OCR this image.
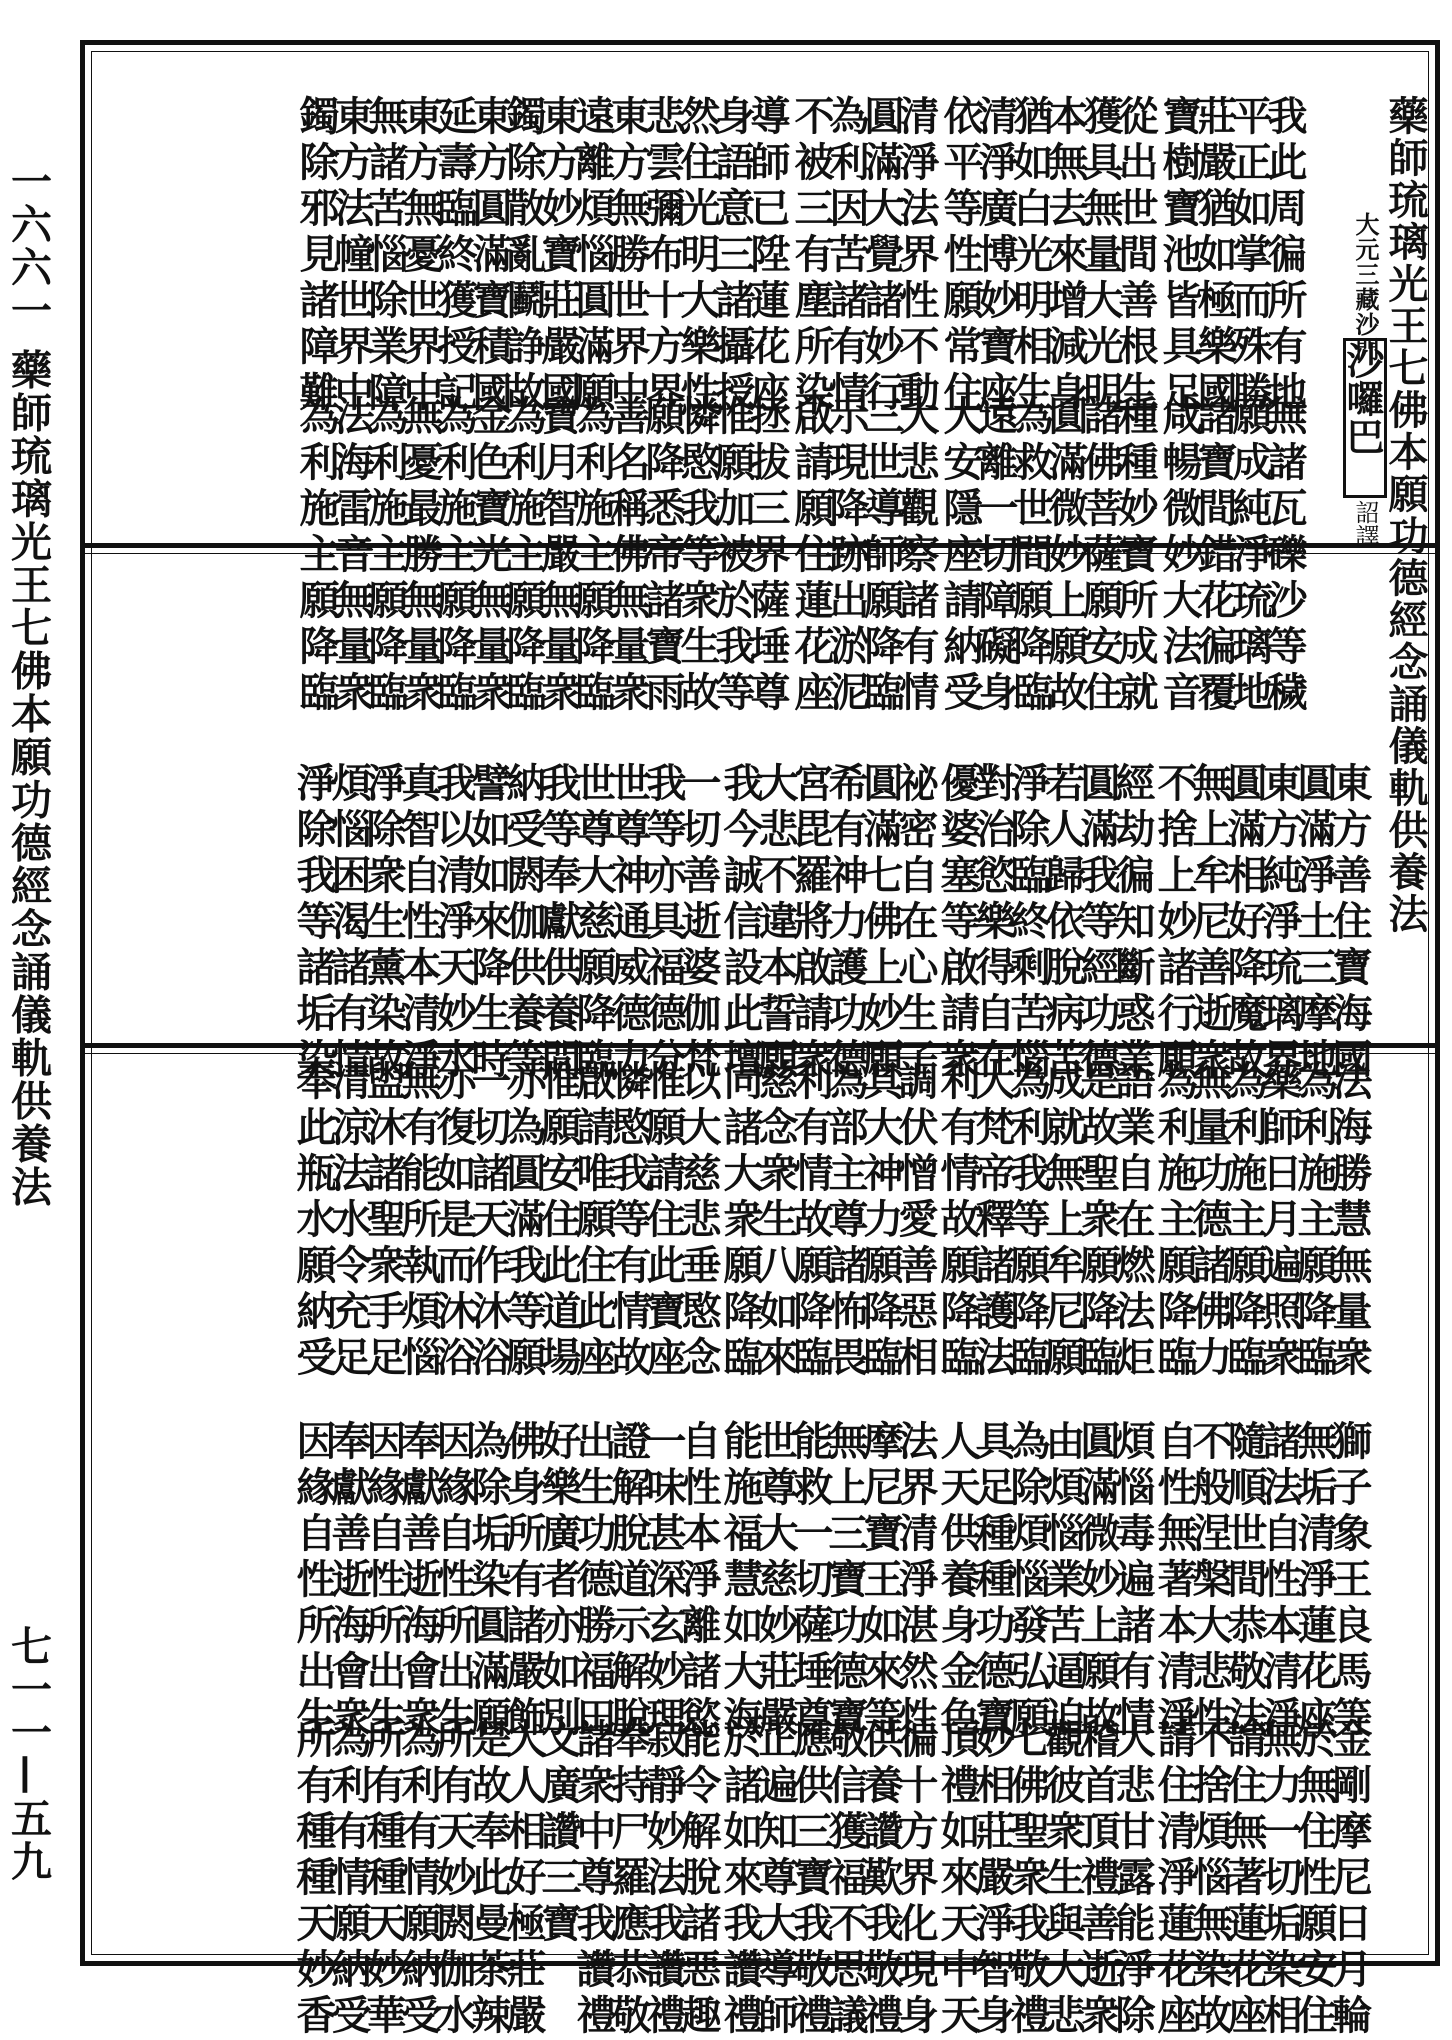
一六六一 藥師琉璃光王七佛本願功德經念誦儀軌供養法
七一一—五九
藥師琉璃光王七佛本願功德經念誦儀軌供養法
大元三藏沙門
沙囉巴
詔譯
我此周徧所有地
平正如掌而殊勝
莊嚴猶如極樂國
寶樹寶池皆具足
從出世間善根生
獲具無量大光明
本無去來增減身
猶如白光明相生
清淨廣博妙寶座
依平等性願常住
清淨法界性不動
圓滿大覺諸妙行
為利因苦諸有情
不被三有塵所染
導師已陞蓮花座
身語意三諸攝授
然住光明大樂性
悲雲彌布十方界
東方無勝世界中
遠離煩惱圓滿願
東方妙寶莊嚴國
鐲除散亂鬬諍故
東方圓滿寶積國
延壽臨終獲授記
東方無憂世界中
無諸苦惱除業障
東方法幢世界中
鐲除邪見諸障難
無諸瓦礫沙等穢
願成純淨琉璃地
諸寶間錯花徧覆
咸暢微妙大法音
種種妙寶所成就
諸佛菩薩願安住
圓滿微妙上願故
為救世間願降臨
遠離一切障礙身
大安隱座請納受
大悲觀察諸有情
三世導師願降臨
示現降跡出淤泥
啟請願住蓮花座
拯拔三界薩埵尊
惟願加被於我等
憐愍我等衆生故
願降悉帝諸寶雨
善名稱佛無量衆
為利施主願降臨
寶月智嚴無量衆
為利施主願降臨
金色寶光無量衆
為利施主願降臨
無憂最勝無量衆
為利施主願降臨
法海雷音無量衆
為利施主願降臨
東方善住寶海國
圓滿淨土三摩地
東方純淨琉璃界
圓滿相好降魔故
無上牟尼善逝衆
不捨上妙諸行願
經劫徧知斷惑業
圓滿我等經功德
若人歸依脫病苦
淨除臨終剩苦惱
對治慾樂得自在
優婆塞等啟請衆
祕密自在心生子
圓滿七佛上妙願
希有神力護功德
宮毘羅將啟請衆
大悲不違本誓願
我今誠信設此壇
一切善逝婆伽梵
我等亦具福德分
世尊神通威德力
世尊大慈願降臨
我等奉獻供養間
納受閼伽供養等
譬如如來降生時
我以清淨天妙水
真智自性本清淨
淨除衆生薰染故
煩惱困渴諸有情
淨除我等諸垢染
法海勝慧無量衆
為利施主願降臨
藥師日月遍照衆
為利施主願降臨
無量功德諸佛力
為利施主願降臨
語業自在燃法炬
是故聖衆願降臨
成就無上牟尼願
為利我等願降臨
大梵帝釋諸護法
利有情故願降臨
調伏憎愛善惡相
具大神力願降臨
為部主尊諸怖畏
利有情故願降臨
慈念衆生八如來
同諸大衆願降臨
以大慈悲垂愍念
惟願請住此寶座
憐愍我等有情故
啟請唯願住此座
惟願安住此道場
亦為圓滿我等願
一切諸天作沐浴
亦復如是而沐浴
無有能所執煩惱
盥沐諸聖衆手足
清涼法水令充足
奉此瓶水願納受
獅子象王良馬等
無垢清淨蓮花座
諸法自性本清淨
隨順世間恭敬法
不般涅槃大悲性
自性無著本清淨
煩惱毒遍諸有情
圓滿微妙上願故
由煩惱業苦逼迫
為除煩惱發弘願
具足種種功德寶
人天供養身金色
法界清淨湛然性
摩尼寶王如來等
無上三寶功德寶
能救一切薩埵尊
世尊大慈妙莊嚴
能施福慧如大海
自性本淨離諸慾
一味甚深玄妙理
證解脫道示解脫
出生功德勝福田
好樂廣者亦如別
佛身所有諸嚴飾
為除垢染圓滿願
因緣自性所出生
奉獻善逝海會衆
因緣自性所出生
奉獻善逝海會衆
因緣自性所出生
金剛摩尼日月輪
於無住性願安住
無力一切垢染相
請住無著蓮花座
不捨煩惱無染故
請住清淨蓮花座
大悲甘露能淨除
稽首頂禮善逝衆
觀彼衆生與大悲
七佛聖衆我敬禮
妙相莊嚴淨智身
頂禮如來天中天
徧十方界化現身
供養讚歎我敬禮
敬信獲福不思議
應供三寶我敬禮
正遍知尊大導師
於諸如來我讚禮
能令解脫諸惡趣
寂靜妙法我讚禮
奉持尸羅應恭敬
諸衆中尊我讚禮
文廣讚三寶
大人相好極莊嚴
是故奉此曼茶辣
所有天妙閼伽水
為利有情願納受
所有種種天妙華
為利有情願納受
所有種種天妙香
